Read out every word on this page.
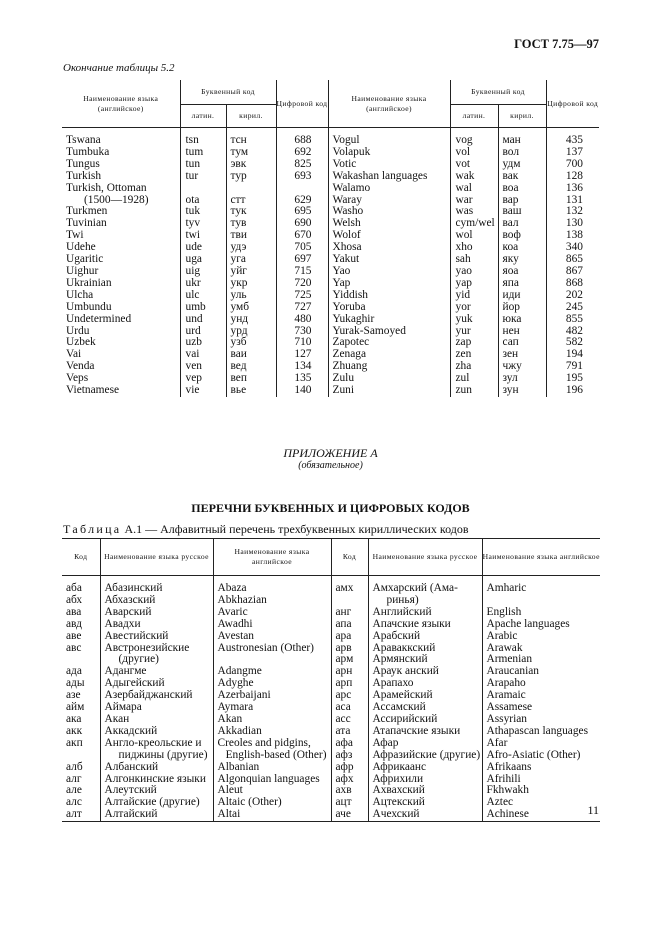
ГОСТ 7.75—97
Окончание таблицы 5.2
Наименование языка (английское)	Буквенный код		Цифровой код	Наименование языка (английское)	Буквенный код		Цифровой код
	латин.	кирил.			латин.	кирил.	

Tswana	tsn	тсн	688	Vogul	vog	ман	435
Tumbuka	tum	тум	692	Volapuk	vol	вол	137
Tungus	tun	эвк	825	Votic	vot	удм	700
Turkish	tur	тур	693	Wakashan languages	wak	вак	128
Turkish, Ottoman				Walamo	wal	воа	136
(1500—1928)	ota	стт	629	Waray	war	вар	131
Turkmen	tuk	тук	695	Washo	was	ваш	132
Tuvinian	tyv	тув	690	Welsh	cym/wel	вал	130
Twi	twi	тви	670	Wolof	wol	воф	138
Udehe	ude	удэ	705	Xhosa	xho	коа	340
Ugaritic	uga	уга	697	Yakut	sah	яку	865
Uighur	uig	уйг	715	Yao	yao	яоа	867
Ukrainian	ukr	укр	720	Yap	yap	япа	868
Ulcha	ulc	уль	725	Yiddish	yid	иди	202
Umbundu	umb	умб	727	Yoruba	yor	йор	245
Undetermined	und	унд	480	Yukaghir	yuk	юка	855
Urdu	urd	урд	730	Yurak-Samoyed	yur	нен	482
Uzbek	uzb	узб	710	Zapotec	zap	сап	582
Vai	vai	ваи	127	Zenaga	zen	зен	194
Venda	ven	вед	134	Zhuang	zha	чжу	791
Veps	vep	веп	135	Zulu	zul	зул	195
Vietnamese	vie	вье	140	Zuni	zun	зун	196
ПРИЛОЖЕНИЕ А
(обязательное)
ПЕРЕЧНИ БУКВЕННЫХ И ЦИФРОВЫХ КОДОВ
Таблица А.1 — Алфавитный перечень трехбуквенных кириллических кодов
Код	Наименование языка русское	Наименование языка английское	Код	Наименование языка русское	Наименование языка английское

аба	Абазинский	Abaza	амх	Амхарский (Ама-	Amharic
абх	Абхазский	Abkhazian		ринья)	
ава	Аварский	Avaric	анг	Английский	English
авд	Авадхи	Awadhi	апа	Апачские языки	Apache languages
аве	Авестийский	Avestan	ара	Арабский	Arabic
авс	Австронезийские	Austronesian (Other)	арв	Араваккский	Arawak
	(другие)		арм	Армянский	Armenian
ада	Адангме	Adangme	арн	Араук анский	Araucanian
ады	Адыгейский	Adyghe	арп	Арапахо	Arapaho
азе	Азербайджанский	Azerbaijani	арс	Арамейский	Aramaic
айм	Аймара	Aymara	аса	Ассамский	Assamese
ака	Акан	Akan	асс	Ассирийский	Assyrian
акк	Аккадский	Akkadian	ата	Атапачские языки	Athapascan languages
акп	Англо-креольские и	Creoles and pidgins,	афа	Афар	Afar
	пиджины (другие)	English-based (Other)	афз	Афразийские (другие)	Afro-Asiatic (Other)
алб	Албанский	Albanian	афр	Африкаанс	Afrikaans
алг	Алгонкинские языки	Algonquian languages	афх	Африхили	Afrihili
але	Алеутский	Aleut	ахв	Ахвахский	Fkhwakh
алс	Алтайские (другие)	Altaic (Other)	ацт	Ацтекский	Aztec
алт	Алтайский	Altai	аче	Ачехский	Achinese	11
